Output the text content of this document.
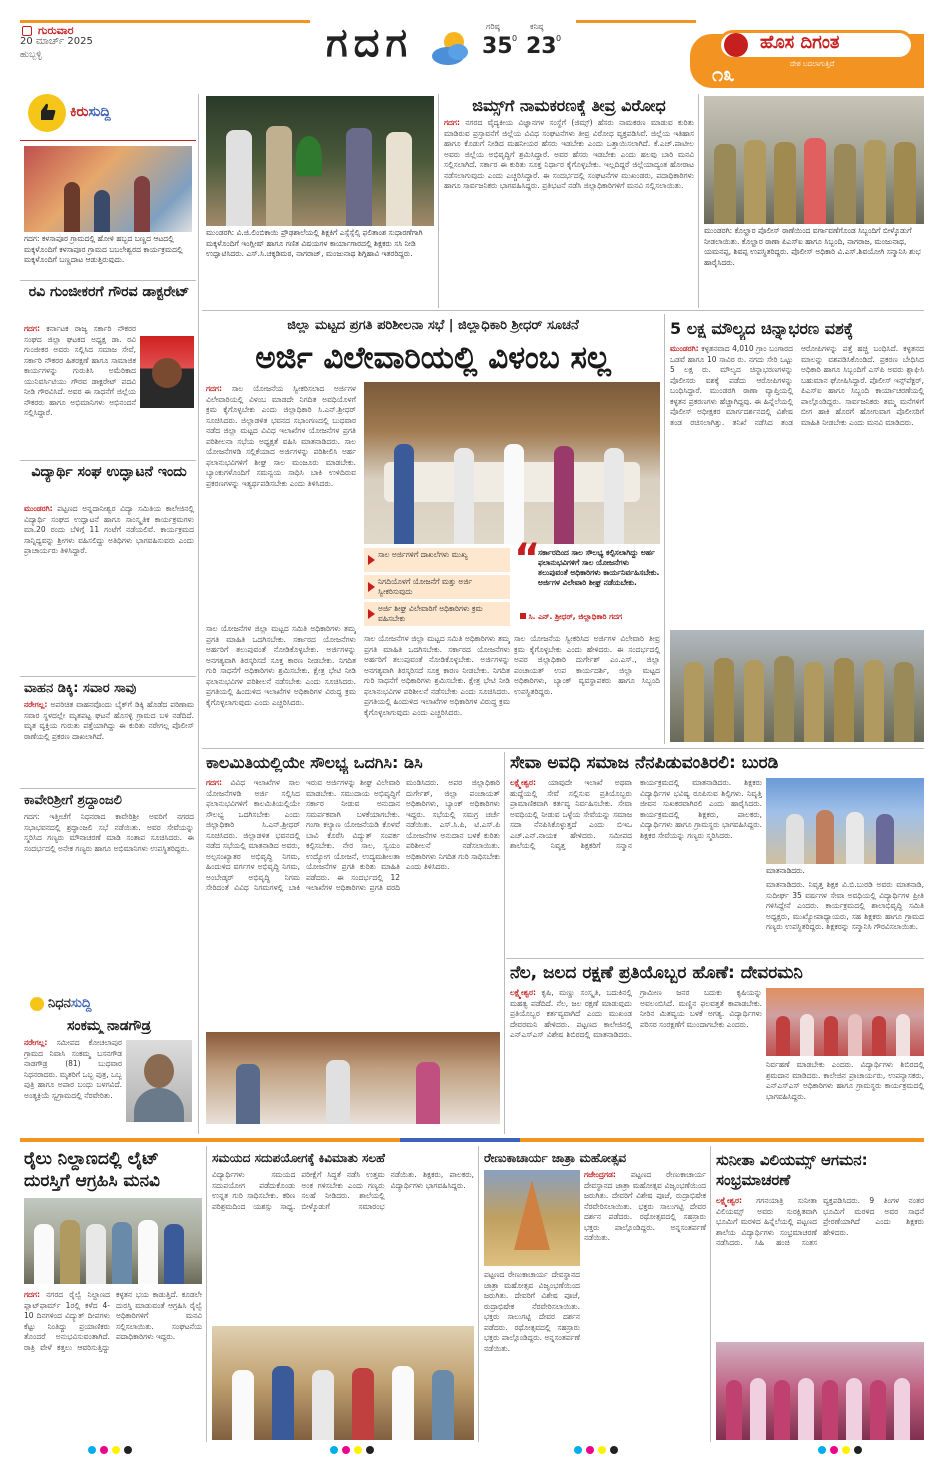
ಗುರುವಾರ
20 ಮಾರ್ಚ್ 2025
ಹುಬ್ಬಳ್ಳಿ	ಗದಗ	ಗರಿಷ್ಠ
35 0
ಕನಿಷ್ಠ
23 0	ಹೊಸ ದಿಗಂತ
೧೩	ದೇಶ ಬದಲಾಗುತ್ತಿದೆ
ಕಿರುಸುದ್ದಿ
ಗದಗ: ಕಳಸಾಪೂರ ಗ್ರಾಮದಲ್ಲಿ ಹೋಳಿ ಹಬ್ಬದ ಬಣ್ಣದ ಆಟದಲ್ಲಿ ಮಕ್ಕಳೊಂದಿಗೆ ಕಳಸಾಪೂರ ಗ್ರಾಮದ ಬಬಲೇಶ್ವರದ ಕಾರ್ಯಕ್ರಮದಲ್ಲಿ ಮಕ್ಕಳೊಂದಿಗೆ ಬಣ್ಣದಾಟ ಆಡುತ್ತಿರುವುದು.
ರವಿ ಗುಂಜೀಕರಗೆ ಗೌರವ ಡಾಕ್ಟರೇಟ್
ಗದಗ: ಕರ್ನಾಟಕ ರಾಜ್ಯ ಸರ್ಕಾರಿ ನೌಕರರ ಸಂಘದ ಜಿಲ್ಲಾ ಘಟಕದ ಅಧ್ಯಕ್ಷ ಡಾ. ರವಿ ಗುಂಜೀಕರ ಅವರು ಸಲ್ಲಿಸಿದ ಸಮಾಜ ಸೇವೆ, ಸರ್ಕಾರಿ ನೌಕರರ ಹಿತರಕ್ಷಣೆ ಹಾಗೂ ಸಾಮಾಜಿಕ ಕಾರ್ಯಗಳನ್ನು ಗುರುತಿಸಿ ಅಮೆರಿಕಾದ ಯುನಿವರ್ಸಿಟಿಯು ಗೌರವ ಡಾಕ್ಟರೇಟ್ ಪದವಿ ನೀಡಿ ಗೌರವಿಸಿದೆ. ಅವರ ಈ ಸಾಧನೆಗೆ ಜಿಲ್ಲೆಯ ನೌಕರರು ಹಾಗೂ ಅಭಿಮಾನಿಗಳು ಅಭಿನಂದನೆ ಸಲ್ಲಿಸಿದ್ದಾರೆ.
ವಿದ್ಯಾರ್ಥಿ ಸಂಘ ಉದ್ಘಾಟನೆ ಇಂದು
ಮುಂಡರಗಿ: ಪಟ್ಟಣದ ಅನ್ನದಾನೀಶ್ವರ ವಿದ್ಯಾ ಸಮಿತಿಯ ಕಾಲೇಜಿನಲ್ಲಿ ವಿದ್ಯಾರ್ಥಿ ಸಂಘದ ಉದ್ಘಾಟನೆ ಹಾಗೂ ಸಾಂಸ್ಕೃತಿಕ ಕಾರ್ಯಕ್ರಮಗಳು ಮಾ.20 ರಂದು ಬೆಳಿಗ್ಗೆ 11 ಗಂಟೆಗೆ ನಡೆಯಲಿವೆ. ಕಾರ್ಯಕ್ರಮದ ಸಾನ್ನಿಧ್ಯವನ್ನು ಶ್ರೀಗಳು ವಹಿಸಲಿದ್ದು ಅತಿಥಿಗಳು ಭಾಗವಹಿಸುವರು ಎಂದು ಪ್ರಾಚಾರ್ಯರು ತಿಳಿಸಿದ್ದಾರೆ.
ವಾಹನ ಡಿಕ್ಕಿ: ಸವಾರ ಸಾವು
ನರೇಗಲ್ಲ: ಅಪರಿಚಿತ ವಾಹನವೊಂದು ಬೈಕ್‌ಗೆ ಡಿಕ್ಕಿ ಹೊಡೆದ ಪರಿಣಾಮ ಸವಾರ ಸ್ಥಳದಲ್ಲೇ ಮೃತಪಟ್ಟ ಘಟನೆ ಹೊಸಳ್ಳಿ ಗ್ರಾಮದ ಬಳಿ ನಡೆದಿದೆ. ಮೃತ ವ್ಯಕ್ತಿಯ ಗುರುತು ಪತ್ತೆಯಾಗಿದ್ದು ಈ ಕುರಿತು ನರೇಗಲ್ಲ ಪೊಲೀಸ್ ಠಾಣೆಯಲ್ಲಿ ಪ್ರಕರಣ ದಾಖಲಾಗಿದೆ.
ಕಾವೇರಿಶ್ರೀಗೆ ಶ್ರದ್ಧಾಂಜಲಿ
ಗದಗ: ಇತ್ತೀಚೆಗೆ ನಿಧನರಾದ ಕಾವೇರಿಶ್ರೀ ಅವರಿಗೆ ನಗರದ ಸಭಾಭವನದಲ್ಲಿ ಶ್ರದ್ಧಾಂಜಲಿ ಸಭೆ ನಡೆಯಿತು. ಅವರ ಸೇವೆಯನ್ನು ಸ್ಮರಿಸಿದ ಗಣ್ಯರು ಮೌನಾಚರಣೆ ಮಾಡಿ ಸಂತಾಪ ಸೂಚಿಸಿದರು. ಈ ಸಂದರ್ಭದಲ್ಲಿ ಅನೇಕ ಗಣ್ಯರು ಹಾಗೂ ಅಭಿಮಾನಿಗಳು ಉಪಸ್ಥಿತರಿದ್ದರು.
ನಿಧನಸುದ್ದಿ
ಸಂಕಮ್ಮ ನಾಡಗೌಡ್ರ
ನರೇಗಲ್ಲ: ಸಮೀಪದ ಕೋಚಲಾಪುರ ಗ್ರಾಮದ ನಿವಾಸಿ ಸಂಕಮ್ಮ ಬಸನಗೌಡ ನಾಡಗೌಡ್ರ (81) ಬುಧವಾರ ನಿಧನರಾದರು. ಮೃತರಿಗೆ ಒಬ್ಬ ಪುತ್ರ, ಒಬ್ಬ ಪುತ್ರಿ ಹಾಗೂ ಅಪಾರ ಬಂಧು ಬಳಗವಿದೆ. ಅಂತ್ಯಕ್ರಿಯೆ ಸ್ವಗ್ರಾಮದಲ್ಲಿ ನೆರವೇರಿತು.
ಮುಂಡರಗಿ: ವಿ.ಜಿ.ಲಿಂಬಿಕಾಯಿ ಪ್ರೌಢಶಾಲೆಯಲ್ಲಿ ಶಿಕ್ಷಕಿಗೆ ಎಸ್ಸೆಸ್ಸೆಲ್ಸಿ ಫಲಿತಾಂಶ ಸುಧಾರಣೆಗಾಗಿ ಮಕ್ಕಳೊಂದಿಗೆ ಇಂಗ್ಲೀಷ್ ಹಾಗೂ ಗಣಿತ ವಿಷಯಗಳ ಕಾರ್ಯಾಗಾರದಲ್ಲಿ ಶಿಕ್ಷಕರು ಸಸಿ ನೀಡಿ ಉದ್ಘಾಟಿಸಿದರು. ಎಸ್.ಸಿ.ಚಕ್ಕಡಿಮಠ, ನಾಗರಾಜ್, ಮಂಜುನಾಥ ಶಿಗ್ಗಿಹಾವಿ ಇತರರಿದ್ದರು.
ಜಿಮ್ಸ್‌ಗೆ ನಾಮಕರಣಕ್ಕೆ ತೀವ್ರ ವಿರೋಧ
ಗದಗ: ನಗರದ ವೈದ್ಯಕೀಯ ವಿಜ್ಞಾನಗಳ ಸಂಸ್ಥೆಗೆ (ಜಿಮ್ಸ್) ಹೆಸರು ನಾಮಕರಣ ಮಾಡುವ ಕುರಿತು ಮಾಡಿರುವ ಪ್ರಸ್ತಾವನೆಗೆ ಜಿಲ್ಲೆಯ ವಿವಿಧ ಸಂಘಟನೆಗಳು ತೀವ್ರ ವಿರೋಧ ವ್ಯಕ್ತಪಡಿಸಿವೆ. ಜಿಲ್ಲೆಯ ಇತಿಹಾಸ ಹಾಗೂ ಕೊಡುಗೆ ನೀಡಿದ ಮಹನೀಯರ ಹೆಸರು ಇಡಬೇಕು ಎಂದು ಒತ್ತಾಯಿಸಲಾಗಿದೆ. ಕೆ.ಎಚ್.ಪಾಟೀಲ ಅವರು ಜಿಲ್ಲೆಯ ಅಭಿವೃದ್ಧಿಗೆ ಶ್ರಮಿಸಿದ್ದಾರೆ. ಅವರ ಹೆಸರು ಇಡಬೇಕು ಎಂದು ಹಲವು ಬಾರಿ ಮನವಿ ಸಲ್ಲಿಸಲಾಗಿದೆ. ಸರ್ಕಾರ ಈ ಕುರಿತು ಸೂಕ್ತ ನಿರ್ಧಾರ ಕೈಗೊಳ್ಳಬೇಕು. ಇಲ್ಲದಿದ್ದರೆ ಜಿಲ್ಲೆಯಾದ್ಯಂತ ಹೋರಾಟ ನಡೆಸಲಾಗುವುದು ಎಂದು ಎಚ್ಚರಿಸಿದ್ದಾರೆ. ಈ ಸಂದರ್ಭದಲ್ಲಿ ಸಂಘಟನೆಗಳ ಮುಖಂಡರು, ಪದಾಧಿಕಾರಿಗಳು ಹಾಗೂ ಸಾರ್ವಜನಿಕರು ಭಾಗವಹಿಸಿದ್ದರು. ಪ್ರತಿಭಟನೆ ನಡೆಸಿ ಜಿಲ್ಲಾಧಿಕಾರಿಗಳಿಗೆ ಮನವಿ ಸಲ್ಲಿಸಲಾಯಿತು.
ಮುಂಡರಗಿ: ಕೊಲ್ಹಾರ ಪೊಲೀಸ್ ಠಾಣೆಯಿಂದ ವರ್ಗಾವಣೆಗೊಂಡ ಸಿಬ್ಬಂದಿಗೆ ಬೀಳ್ಕೊಡುಗೆ ನೀಡಲಾಯಿತು. ಕೊಲ್ಹಾರ ಠಾಣಾ ಪಿಎಸ್ಐ ಹಾಗೂ ಸಿಬ್ಬಂದಿ, ನಾಗರಾಜ, ಮಂಜುನಾಥ, ಯಮನಪ್ಪ, ಶಿವಪ್ಪ ಉಪಸ್ಥಿತರಿದ್ದರು. ಪೊಲೀಸ್ ಅಧಿಕಾರಿ ವಿ.ಎಸ್.ಶಿವಯೋಗಿ ಸನ್ಮಾನಿಸಿ ಶುಭ ಹಾರೈಸಿದರು.
ಜಿಲ್ಲಾ ಮಟ್ಟದ ಪ್ರಗತಿ ಪರಿಶೀಲನಾ ಸಭೆ | ಜಿಲ್ಲಾಧಿಕಾರಿ ಶ್ರೀಧರ್ ಸೂಚನೆ
ಅರ್ಜಿ ವಿಲೇವಾರಿಯಲ್ಲಿ ವಿಳಂಬ ಸಲ್ಲ
ಗದಗ: ಸಾಲ ಯೋಜನೆಯ ಸ್ವೀಕರಿಸಲಾದ ಅರ್ಜಿಗಳ ವಿಲೇವಾರಿಯಲ್ಲಿ ವಿಳಂಬ ಮಾಡದೇ ನಿಗದಿತ ಅವಧಿಯೊಳಗೆ ಕ್ರಮ ಕೈಗೊಳ್ಳಬೇಕು ಎಂದು ಜಿಲ್ಲಾಧಿಕಾರಿ ಸಿ.ಎನ್.ಶ್ರೀಧರ್ ಸೂಚಿಸಿದರು. ಜಿಲ್ಲಾಡಳಿತ ಭವನದ ಸಭಾಂಗಣದಲ್ಲಿ ಬುಧವಾರ ನಡೆದ ಜಿಲ್ಲಾ ಮಟ್ಟದ ವಿವಿಧ ಇಲಾಖೆಗಳ ಯೋಜನೆಗಳ ಪ್ರಗತಿ ಪರಿಶೀಲನಾ ಸಭೆಯ ಅಧ್ಯಕ್ಷತೆ ವಹಿಸಿ ಮಾತನಾಡಿದರು. ಸಾಲ ಯೋಜನೆಗಳಡಿ ಸಲ್ಲಿಕೆಯಾದ ಅರ್ಜಿಗಳನ್ನು ಪರಿಶೀಲಿಸಿ ಅರ್ಹ ಫಲಾನುಭವಿಗಳಿಗೆ ಶೀಘ್ರ ಸಾಲ ಮಂಜೂರು ಮಾಡಬೇಕು. ಬ್ಯಾಂಕುಗಳೊಂದಿಗೆ ಸಮನ್ವಯ ಸಾಧಿಸಿ ಬಾಕಿ ಉಳಿದಿರುವ ಪ್ರಕರಣಗಳನ್ನು ಇತ್ಯರ್ಥಪಡಿಸಬೇಕು ಎಂದು ತಿಳಿಸಿದರು.
ಸಾಲ ಅರ್ಜಿಗಳಿಗೆ ದಾಖಲೆಗಳು ಮುಖ್ಯ
ನಿಗದಿಯೊಳಗೆ ಯೋಜನೆಗೆ ಮತ್ತು ಅರ್ಜಿ ಸ್ವೀಕರಿಸುವುದು
ಅರ್ಜಿ ಶೀಘ್ರ ವಿಲೇವಾರಿಗೆ ಅಧಿಕಾರಿಗಳು ಕ್ರಮ ವಹಿಸಬೇಕು
“
ಸರ್ಕಾರದಿಂದ ಸಾಲ ಸೌಲಭ್ಯ ಕಲ್ಪಿಸಲಾಗಿದ್ದು ಅರ್ಹ ಫಲಾನುಭವಿಗಳಿಗೆ ಸಾಲ ಯೋಜನೆಗಳು ತಲುಪುವಂತೆ ಅಧಿಕಾರಿಗಳು ಕಾರ್ಯನಿರ್ವಹಿಸಬೇಕು. ಅರ್ಜಿಗಳ ವಿಲೇವಾರಿ ಶೀಘ್ರ ನಡೆಯಬೇಕು.
ಸಿ. ಎನ್. ಶ್ರೀಧರ್, ಜಿಲ್ಲಾಧಿಕಾರಿ ಗದಗ
ಸಾಲ ಯೋಜನೆಗಳ ಜಿಲ್ಲಾ ಮಟ್ಟದ ಸಮಿತಿ ಅಧಿಕಾರಿಗಳು ತಮ್ಮ ಪ್ರಗತಿ ಮಾಹಿತಿ ಒದಗಿಸಬೇಕು. ಸರ್ಕಾರದ ಯೋಜನೆಗಳು ಅರ್ಹರಿಗೆ ತಲುಪುವಂತೆ ನೋಡಿಕೊಳ್ಳಬೇಕು. ಅರ್ಜಿಗಳನ್ನು ಅನಗತ್ಯವಾಗಿ ತಿರಸ್ಕರಿಸದೆ ಸೂಕ್ತ ಕಾರಣ ನೀಡಬೇಕು. ನಿಗದಿತ ಗುರಿ ಸಾಧನೆಗೆ ಅಧಿಕಾರಿಗಳು ಶ್ರಮಿಸಬೇಕು. ಕ್ಷೇತ್ರ ಭೇಟಿ ನೀಡಿ ಫಲಾನುಭವಿಗಳ ಪರಿಶೀಲನೆ ನಡೆಸಬೇಕು ಎಂದು ಸೂಚಿಸಿದರು. ಪ್ರಗತಿಯಲ್ಲಿ ಹಿಂದುಳಿದ ಇಲಾಖೆಗಳ ಅಧಿಕಾರಿಗಳ ವಿರುದ್ಧ ಕ್ರಮ ಕೈಗೊಳ್ಳಲಾಗುವುದು ಎಂದು ಎಚ್ಚರಿಸಿದರು.
ಸಾಲ ಯೋಜನೆಯ ಸ್ವೀಕರಿಸಿದ ಅರ್ಜಿಗಳ ವಿಲೇವಾರಿ ತೀವ್ರ ಕ್ರಮ ಕೈಗೊಳ್ಳಬೇಕು ಎಂದು ಹೇಳಿದರು. ಈ ಸಂದರ್ಭದಲ್ಲಿ ಅಪರ ಜಿಲ್ಲಾಧಿಕಾರಿ ದುರ್ಗೇಶ್ ಎಂ.ಎಸ್., ಜಿಲ್ಲಾ ಪಂಚಾಯತ್ ಉಪ ಕಾರ್ಯದರ್ಶಿ, ಜಿಲ್ಲಾ ಮಟ್ಟದ ಅಧಿಕಾರಿಗಳು, ಬ್ಯಾಂಕ್ ವ್ಯವಸ್ಥಾಪಕರು ಹಾಗೂ ಸಿಬ್ಬಂದಿ ಉಪಸ್ಥಿತರಿದ್ದರು.
ಸಾಲ ಯೋಜನೆಗಳ ಜಿಲ್ಲಾ ಮಟ್ಟದ ಸಮಿತಿ ಅಧಿಕಾರಿಗಳು ತಮ್ಮ ಪ್ರಗತಿ ಮಾಹಿತಿ ಒದಗಿಸಬೇಕು. ಸರ್ಕಾರದ ಯೋಜನೆಗಳು ಅರ್ಹರಿಗೆ ತಲುಪುವಂತೆ ನೋಡಿಕೊಳ್ಳಬೇಕು. ಅರ್ಜಿಗಳನ್ನು ಅನಗತ್ಯವಾಗಿ ತಿರಸ್ಕರಿಸದೆ ಸೂಕ್ತ ಕಾರಣ ನೀಡಬೇಕು. ನಿಗದಿತ ಗುರಿ ಸಾಧನೆಗೆ ಅಧಿಕಾರಿಗಳು ಶ್ರಮಿಸಬೇಕು. ಕ್ಷೇತ್ರ ಭೇಟಿ ನೀಡಿ ಫಲಾನುಭವಿಗಳ ಪರಿಶೀಲನೆ ನಡೆಸಬೇಕು ಎಂದು ಸೂಚಿಸಿದರು. ಪ್ರಗತಿಯಲ್ಲಿ ಹಿಂದುಳಿದ ಇಲಾಖೆಗಳ ಅಧಿಕಾರಿಗಳ ವಿರುದ್ಧ ಕ್ರಮ ಕೈಗೊಳ್ಳಲಾಗುವುದು ಎಂದು ಎಚ್ಚರಿಸಿದರು.
5 ಲಕ್ಷ ಮೌಲ್ಯದ ಚಿನ್ನಾಭರಣ ವಶಕ್ಕೆ
ಮುಂಡರಗಿ: ಕಳ್ಳತನವಾದ 4,010 ಗ್ರಾಂ ಬಂಗಾರದ ಒಡವೆ ಹಾಗೂ 10 ಸಾವಿರ ರು. ನಗದು ಸೇರಿ ಒಟ್ಟು 5 ಲಕ್ಷ ರು. ಮೌಲ್ಯದ ಚಿನ್ನಾಭರಣಗಳನ್ನು ಪೊಲೀಸರು ವಶಕ್ಕೆ ಪಡೆದು ಆರೋಪಿಗಳನ್ನು ಬಂಧಿಸಿದ್ದಾರೆ. ಮುಂಡರಗಿ ಠಾಣಾ ವ್ಯಾಪ್ತಿಯಲ್ಲಿ ಕಳ್ಳತನ ಪ್ರಕರಣಗಳು ಹೆಚ್ಚಾಗಿದ್ದವು. ಈ ಹಿನ್ನೆಲೆಯಲ್ಲಿ ಪೊಲೀಸ್ ಅಧೀಕ್ಷಕರ ಮಾರ್ಗದರ್ಶನದಲ್ಲಿ ವಿಶೇಷ ತಂಡ ರಚಿಸಲಾಗಿತ್ತು. ತನಿಖೆ ನಡೆಸಿದ ತಂಡ ಆರೋಪಿಗಳನ್ನು ಪತ್ತೆ ಹಚ್ಚಿ ಬಂಧಿಸಿದೆ. ಕಳ್ಳತನದ ಮಾಲನ್ನು ವಶಪಡಿಸಿಕೊಂಡಿದೆ. ಪ್ರಕರಣ ಬೇಧಿಸಿದ ಅಧಿಕಾರಿ ಹಾಗೂ ಸಿಬ್ಬಂದಿಗೆ ಎಸ್‌ಪಿ ಅವರು ಶ್ಲಾಘಿಸಿ ಬಹುಮಾನ ಘೋಷಿಸಿದ್ದಾರೆ. ಪೊಲೀಸ್ ಇನ್ಸ್‌ಪೆಕ್ಟರ್, ಪಿಎಸ್ಐ ಹಾಗೂ ಸಿಬ್ಬಂದಿ ಕಾರ್ಯಾಚರಣೆಯಲ್ಲಿ ಪಾಲ್ಗೊಂಡಿದ್ದರು. ಸಾರ್ವಜನಿಕರು ತಮ್ಮ ಮನೆಗಳಿಗೆ ಬೀಗ ಹಾಕಿ ಹೊರಗೆ ಹೋಗುವಾಗ ಪೊಲೀಸರಿಗೆ ಮಾಹಿತಿ ನೀಡಬೇಕು ಎಂದು ಮನವಿ ಮಾಡಿದರು.
ಕಾಲಮಿತಿಯಲ್ಲಿಯೇ ಸೌಲಭ್ಯ ಒದಗಿಸಿ: ಡಿಸಿ
ಗದಗ: ವಿವಿಧ ಇಲಾಖೆಗಳ ಸಾಲ ಯೋಜನೆಗಳಡಿ ಅರ್ಜಿ ಸಲ್ಲಿಸಿದ ಫಲಾನುಭವಿಗಳಿಗೆ ಕಾಲಮಿತಿಯಲ್ಲಿಯೇ ಸೌಲಭ್ಯ ಒದಗಿಸಬೇಕು ಎಂದು ಜಿಲ್ಲಾಧಿಕಾರಿ ಸಿ.ಎನ್.ಶ್ರೀಧರ್ ಸೂಚಿಸಿದರು. ಜಿಲ್ಲಾಡಳಿತ ಭವನದಲ್ಲಿ ನಡೆದ ಸಭೆಯಲ್ಲಿ ಮಾತನಾಡಿದ ಅವರು, ಅಲ್ಪಸಂಖ್ಯಾತರ ಅಭಿವೃದ್ಧಿ ನಿಗಮ, ಹಿಂದುಳಿದ ವರ್ಗಗಳ ಅಭಿವೃದ್ಧಿ ನಿಗಮ, ಅಂಬೇಡ್ಕರ್ ಅಭಿವೃದ್ಧಿ ನಿಗಮ ಸೇರಿದಂತೆ ವಿವಿಧ ನಿಗಮಗಳಲ್ಲಿ ಬಾಕಿ ಇರುವ ಅರ್ಜಿಗಳನ್ನು ಶೀಘ್ರ ವಿಲೇವಾರಿ ಮಾಡಬೇಕು. ಸಮುದಾಯ ಅಭಿವೃದ್ಧಿಗೆ ಸರ್ಕಾರ ನೀಡುವ ಅನುದಾನ ಸಮರ್ಪಕವಾಗಿ ಬಳಕೆಯಾಗಬೇಕು. ಗಂಗಾ ಕಲ್ಯಾಣ ಯೋಜನೆಯಡಿ ಕೊಳವೆ ಬಾವಿ ಕೊರೆಸಿ ವಿದ್ಯುತ್ ಸಂಪರ್ಕ ಕಲ್ಪಿಸಬೇಕು. ನೇರ ಸಾಲ, ಸ್ವಯಂ ಉದ್ಯೋಗ ಯೋಜನೆ, ಉದ್ಯಮಶೀಲತಾ ಯೋಜನೆಗಳ ಪ್ರಗತಿ ಕುರಿತು ಮಾಹಿತಿ ಪಡೆದರು. ಈ ಸಂದರ್ಭದಲ್ಲಿ 12 ಇಲಾಖೆಗಳ ಅಧಿಕಾರಿಗಳು ಪ್ರಗತಿ ವರದಿ ಮಂಡಿಸಿದರು. ಅಪರ ಜಿಲ್ಲಾಧಿಕಾರಿ ದುರ್ಗೇಶ್, ಜಿಲ್ಲಾ ಪಂಚಾಯತ್ ಅಧಿಕಾರಿಗಳು, ಬ್ಯಾಂಕ್ ಅಧಿಕಾರಿಗಳು ಇದ್ದರು. ಸಭೆಯಲ್ಲಿ ಸಮಗ್ರ ಚರ್ಚೆ ನಡೆಯಿತು. ಎಸ್.ಸಿ.ಪಿ, ಟಿ.ಎಸ್.ಪಿ ಯೋಜನೆಗಳ ಅನುದಾನ ಬಳಕೆ ಕುರಿತು ಪರಿಶೀಲನೆ ನಡೆಸಲಾಯಿತು. ಅಧಿಕಾರಿಗಳು ನಿಗದಿತ ಗುರಿ ಸಾಧಿಸಬೇಕು ಎಂದು ತಿಳಿಸಿದರು.
ಸೇವಾ ಅವಧಿ ಸಮಾಜ ನೆನಪಿಡುವಂತಿರಲಿ: ಬುರಡಿ
ಲಕ್ಷ್ಮೇಶ್ವರ: ಯಾವುದೇ ಇಲಾಖೆ ಅಥವಾ ಹುದ್ದೆಯಲ್ಲಿ ಸೇವೆ ಸಲ್ಲಿಸುವ ಪ್ರತಿಯೊಬ್ಬರು ಪ್ರಾಮಾಣಿಕವಾಗಿ ಕರ್ತವ್ಯ ನಿರ್ವಹಿಸಬೇಕು. ಸೇವಾ ಅವಧಿಯಲ್ಲಿ ನೀಡುವ ಒಳ್ಳೆಯ ಸೇವೆಯನ್ನು ಸಮಾಜ ಸದಾ ನೆನಪಿಸಿಕೊಳ್ಳುತ್ತದೆ ಎಂದು ಬಿಇಒ ಎಚ್.ಎನ್.ನಾಯಕ ಹೇಳಿದರು. ಸಮೀಪದ ಶಾಲೆಯಲ್ಲಿ ನಿವೃತ್ತ ಶಿಕ್ಷಕರಿಗೆ ಸನ್ಮಾನ ಕಾರ್ಯಕ್ರಮದಲ್ಲಿ ಮಾತನಾಡಿದರು. ಶಿಕ್ಷಕರು ವಿದ್ಯಾರ್ಥಿಗಳ ಭವಿಷ್ಯ ರೂಪಿಸುವ ಶಿಲ್ಪಿಗಳು. ನಿವೃತ್ತಿ ಜೀವನ ಸುಖಕರವಾಗಿರಲಿ ಎಂದು ಹಾರೈಸಿದರು. ಕಾರ್ಯಕ್ರಮದಲ್ಲಿ ಶಿಕ್ಷಕರು, ಪಾಲಕರು, ವಿದ್ಯಾರ್ಥಿಗಳು ಹಾಗೂ ಗ್ರಾಮಸ್ಥರು ಭಾಗವಹಿಸಿದ್ದರು. ಶಿಕ್ಷಕರ ಸೇವೆಯನ್ನು ಗಣ್ಯರು ಸ್ಮರಿಸಿದರು.
ಮಾತನಾಡಿದರು.
ಮಾತನಾಡಿದರು. ನಿವೃತ್ತ ಶಿಕ್ಷಕ ವಿ.ಬಿ.ಬುರಡಿ ಅವರು ಮಾತನಾಡಿ, ಸುದೀರ್ಘ 35 ವರ್ಷಗಳ ಸೇವಾ ಅವಧಿಯಲ್ಲಿ ವಿದ್ಯಾರ್ಥಿಗಳ ಪ್ರೀತಿ ಗಳಿಸಿದ್ದೇನೆ ಎಂದರು. ಕಾರ್ಯಕ್ರಮದಲ್ಲಿ ಶಾಲಾಭಿವೃದ್ಧಿ ಸಮಿತಿ ಅಧ್ಯಕ್ಷರು, ಮುಖ್ಯೋಪಾಧ್ಯಾಯರು, ಸಹ ಶಿಕ್ಷಕರು ಹಾಗೂ ಗ್ರಾಮದ ಗಣ್ಯರು ಉಪಸ್ಥಿತರಿದ್ದರು. ಶಿಕ್ಷಕರನ್ನು ಸನ್ಮಾನಿಸಿ ಗೌರವಿಸಲಾಯಿತು.
ನೆಲ, ಜಲದ ರಕ್ಷಣೆ ಪ್ರತಿಯೊಬ್ಬರ ಹೊಣೆ: ದೇವರಮನಿ
ಲಕ್ಷ್ಮೇಶ್ವರ: ಕೃಷಿ, ಮಣ್ಣು ಸಂಸ್ಕೃತಿ, ಬದುಕಿನಲ್ಲಿ ಮಹತ್ವ ಪಡೆದಿದೆ. ನೆಲ, ಜಲ ರಕ್ಷಣೆ ಮಾಡುವುದು ಪ್ರತಿಯೊಬ್ಬರ ಕರ್ತವ್ಯವಾಗಿದೆ ಎಂದು ಮುಖಂಡ ದೇವರಮನಿ ಹೇಳಿದರು. ಪಟ್ಟಣದ ಕಾಲೇಜಿನಲ್ಲಿ ಎನ್ಎಸ್ಎಸ್ ವಿಶೇಷ ಶಿಬಿರದಲ್ಲಿ ಮಾತನಾಡಿದರು. ಗ್ರಾಮೀಣ ಜನರ ಬದುಕು ಕೃಷಿಯನ್ನು ಅವಲಂಬಿಸಿದೆ. ಮಣ್ಣಿನ ಫಲವತ್ತತೆ ಕಾಪಾಡಬೇಕು. ನೀರಿನ ಮಿತವ್ಯಯ ಬಳಕೆ ಅಗತ್ಯ. ವಿದ್ಯಾರ್ಥಿಗಳು ಪರಿಸರ ಸಂರಕ್ಷಣೆಗೆ ಮುಂದಾಗಬೇಕು ಎಂದರು.
ನಿರ್ವಹಣೆ ಮಾಡಬೇಕು ಎಂದರು. ವಿದ್ಯಾರ್ಥಿಗಳು ಶಿಬಿರದಲ್ಲಿ ಶ್ರಮದಾನ ಮಾಡಿದರು. ಕಾಲೇಜಿನ ಪ್ರಾಚಾರ್ಯರು, ಉಪನ್ಯಾಸಕರು, ಎನ್ಎಸ್ಎಸ್ ಅಧಿಕಾರಿಗಳು ಹಾಗೂ ಗ್ರಾಮಸ್ಥರು ಕಾರ್ಯಕ್ರಮದಲ್ಲಿ ಭಾಗವಹಿಸಿದ್ದರು.
ರೈಲು ನಿಲ್ದಾಣದಲ್ಲಿ ಲೈಟ್ ದುರಸ್ತಿಗೆ ಆಗ್ರಹಿಸಿ ಮನವಿ
ಗದಗ: ನಗರದ ರೈಲ್ವೆ ನಿಲ್ದಾಣದ ಪ್ಲಾಟ್‌ಫಾರ್ಮ್ 1ರಲ್ಲಿ ಕಳೆದ 4-10 ದಿನಗಳಿಂದ ವಿದ್ಯುತ್ ದೀಪಗಳು ಕೆಟ್ಟು ನಿಂತಿದ್ದು ಪ್ರಯಾಣಿಕರು ತೊಂದರೆ ಅನುಭವಿಸುವಂತಾಗಿದೆ. ರಾತ್ರಿ ವೇಳೆ ಕತ್ತಲು ಆವರಿಸುತ್ತಿದ್ದು ಕಳ್ಳತನ ಭಯ ಕಾಡುತ್ತಿದೆ. ಕೂಡಲೇ ದುರಸ್ತಿ ಮಾಡುವಂತೆ ಆಗ್ರಹಿಸಿ ರೈಲ್ವೆ ಅಧಿಕಾರಿಗಳಿಗೆ ಮನವಿ ಸಲ್ಲಿಸಲಾಯಿತು. ಸಂಘಟನೆಯ ಪದಾಧಿಕಾರಿಗಳು ಇದ್ದರು.
ಸಮಯದ ಸದುಪಯೋಗಕ್ಕೆ ಕಿವಿಮಾತು ಸಲಹೆ
ವಿದ್ಯಾರ್ಥಿಗಳು ಸಮಯದ ಸದುಪಯೋಗ ಪಡೆದುಕೊಂಡು ಉನ್ನತ ಗುರಿ ಸಾಧಿಸಬೇಕು. ಕಠಿಣ ಪರಿಶ್ರಮದಿಂದ ಯಶಸ್ಸು ಸಾಧ್ಯ. ಪರೀಕ್ಷೆಗೆ ಸಿದ್ಧತೆ ನಡೆಸಿ ಉತ್ತಮ ಅಂಕ ಗಳಿಸಬೇಕು ಎಂದು ಗಣ್ಯರು ಸಲಹೆ ನೀಡಿದರು. ಶಾಲೆಯಲ್ಲಿ ಬೀಳ್ಕೊಡುಗೆ ಸಮಾರಂಭ ನಡೆಯಿತು. ಶಿಕ್ಷಕರು, ಪಾಲಕರು, ವಿದ್ಯಾರ್ಥಿಗಳು ಭಾಗವಹಿಸಿದ್ದರು.
ರೇಣುಕಾಚಾರ್ಯ ಜಾತ್ರಾ ಮಹೋತ್ಸವ
ಗಜೇಂದ್ರಗಡ: ಪಟ್ಟಣದ ರೇಣುಕಾಚಾರ್ಯ ದೇವಸ್ಥಾನದ ಜಾತ್ರಾ ಮಹೋತ್ಸವ ವಿಜೃಂಭಣೆಯಿಂದ ಜರುಗಿತು. ದೇವರಿಗೆ ವಿಶೇಷ ಪೂಜೆ, ರುದ್ರಾಭಿಷೇಕ ನೆರವೇರಿಸಲಾಯಿತು. ಭಕ್ತರು ಸಾಲುಗಟ್ಟಿ ದೇವರ ದರ್ಶನ ಪಡೆದರು. ರಥೋತ್ಸವದಲ್ಲಿ ಸಹಸ್ರಾರು ಭಕ್ತರು ಪಾಲ್ಗೊಂಡಿದ್ದರು. ಅನ್ನಸಂತರ್ಪಣೆ ನಡೆಯಿತು.
ಪಟ್ಟಣದ ರೇಣುಕಾಚಾರ್ಯ ದೇವಸ್ಥಾನದ ಜಾತ್ರಾ ಮಹೋತ್ಸವ ವಿಜೃಂಭಣೆಯಿಂದ ಜರುಗಿತು. ದೇವರಿಗೆ ವಿಶೇಷ ಪೂಜೆ, ರುದ್ರಾಭಿಷೇಕ ನೆರವೇರಿಸಲಾಯಿತು. ಭಕ್ತರು ಸಾಲುಗಟ್ಟಿ ದೇವರ ದರ್ಶನ ಪಡೆದರು. ರಥೋತ್ಸವದಲ್ಲಿ ಸಹಸ್ರಾರು ಭಕ್ತರು ಪಾಲ್ಗೊಂಡಿದ್ದರು. ಅನ್ನಸಂತರ್ಪಣೆ ನಡೆಯಿತು.
ಸುನೀತಾ ವಿಲಿಯಮ್ಸ್ ಆಗಮನ: ಸಂಭ್ರಮಾಚರಣೆ
ಲಕ್ಷ್ಮೇಶ್ವರ: ಗಗನಯಾತ್ರಿ ಸುನೀತಾ ವಿಲಿಯಮ್ಸ್ ಅವರು ಸುರಕ್ಷಿತವಾಗಿ ಭೂಮಿಗೆ ಮರಳಿದ ಹಿನ್ನೆಲೆಯಲ್ಲಿ ಪಟ್ಟಣದ ಶಾಲೆಯ ವಿದ್ಯಾರ್ಥಿಗಳು ಸಂಭ್ರಮಾಚರಣೆ ನಡೆಸಿದರು. ಸಿಹಿ ಹಂಚಿ ಸಂತಸ ವ್ಯಕ್ತಪಡಿಸಿದರು. 9 ತಿಂಗಳ ನಂತರ ಭೂಮಿಗೆ ಮರಳಿದ ಅವರ ಸಾಧನೆ ಪ್ರೇರಣೆಯಾಗಿದೆ ಎಂದು ಶಿಕ್ಷಕರು ಹೇಳಿದರು.
